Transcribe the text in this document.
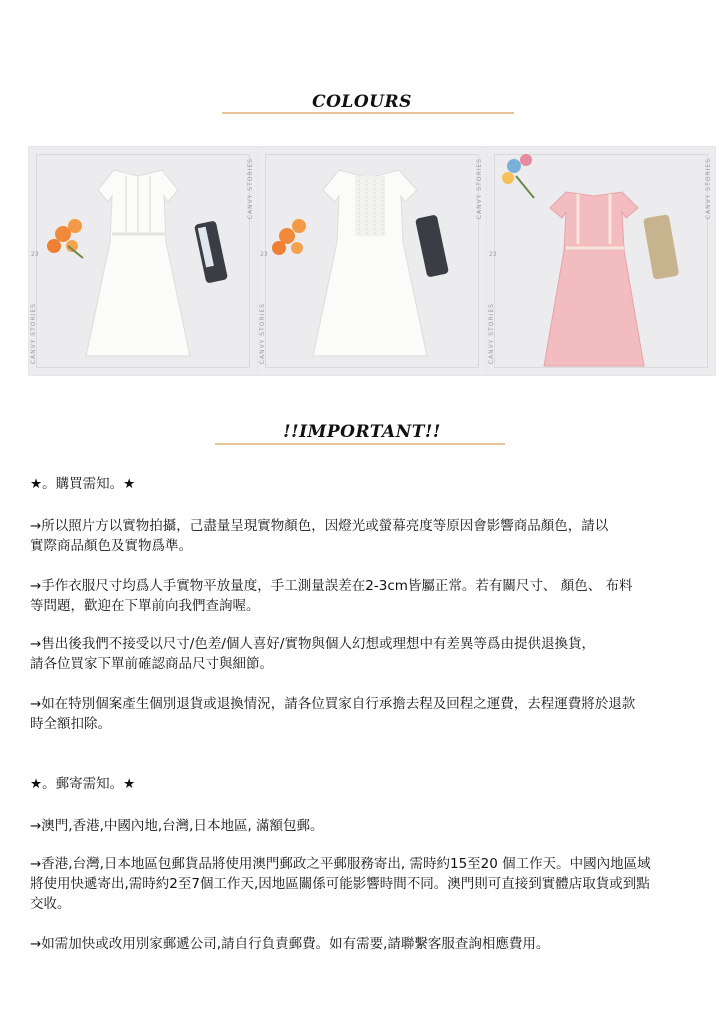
COLOURS
CANVY STORIES
CANVY STORIES
23
CANVY STORIES
CANVY STORIES
23
CANVY STORIES
CANVY STORIES
23
!!IMPORTANT!!
★。購買需知。★
→所以照片方以實物拍攝，己盡量呈現實物顏色，因燈光或螢幕亮度等原因會影響商品顏色，請以
實際商品顏色及實物爲準。
→手作衣服尺寸均爲人手實物平放量度，手工測量誤差在2-3cm皆屬正常。若有關尺寸、 顏色、 布料
等問題，歡迎在下單前向我們查詢喔。
→售出後我們不接受以尺寸/色差/個人喜好/實物與個人幻想或理想中有差異等爲由提供退換貨，
請各位買家下單前確認商品尺寸與細節。
→如在特別個案產生個別退貨或退換情況，請各位買家自行承擔去程及回程之運費，去程運費將於退款
時全額扣除。
★。郵寄需知。★
→澳門,香港,中國內地,台灣,日本地區, 滿額包郵。
→香港,台灣,日本地區包郵貨品將使用澳門郵政之平郵服務寄出, 需時約15至20 個工作天。中國內地區域
將使用快遞寄出,需時約2至7個工作天,因地區關係可能影響時間不同。澳門則可直接到實體店取貨或到點
交收。
→如需加快或改用別家郵遞公司,請自行負責郵費。如有需要,請聯繫客服查詢相應費用。
